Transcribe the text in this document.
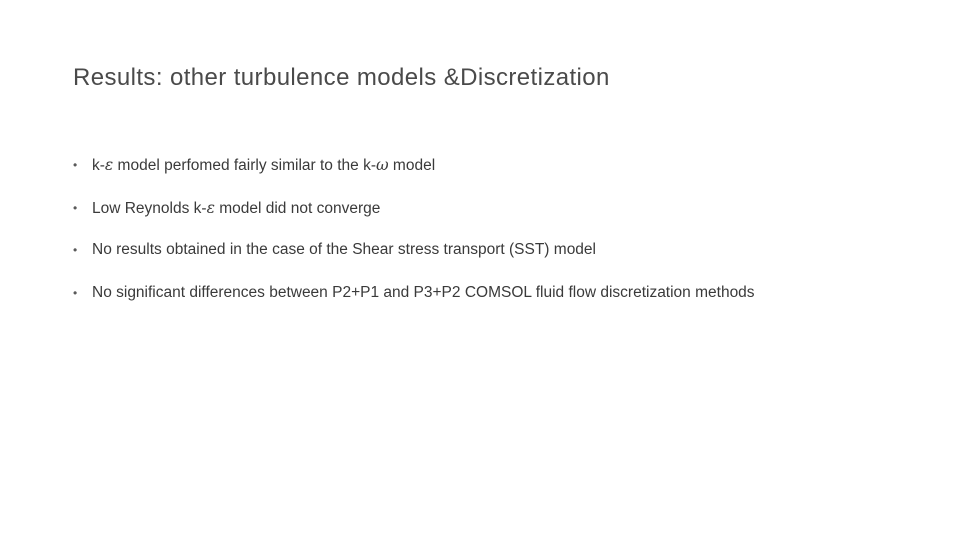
Results: other turbulence models &Discretization
• k-ε model perfomed fairly similar to the k-ω model
• Low Reynolds k-ε model did not converge
• No results obtained in the case of the Shear stress transport (SST) model
• No significant differences between P2+P1 and P3+P2 COMSOL fluid flow discretization methods
